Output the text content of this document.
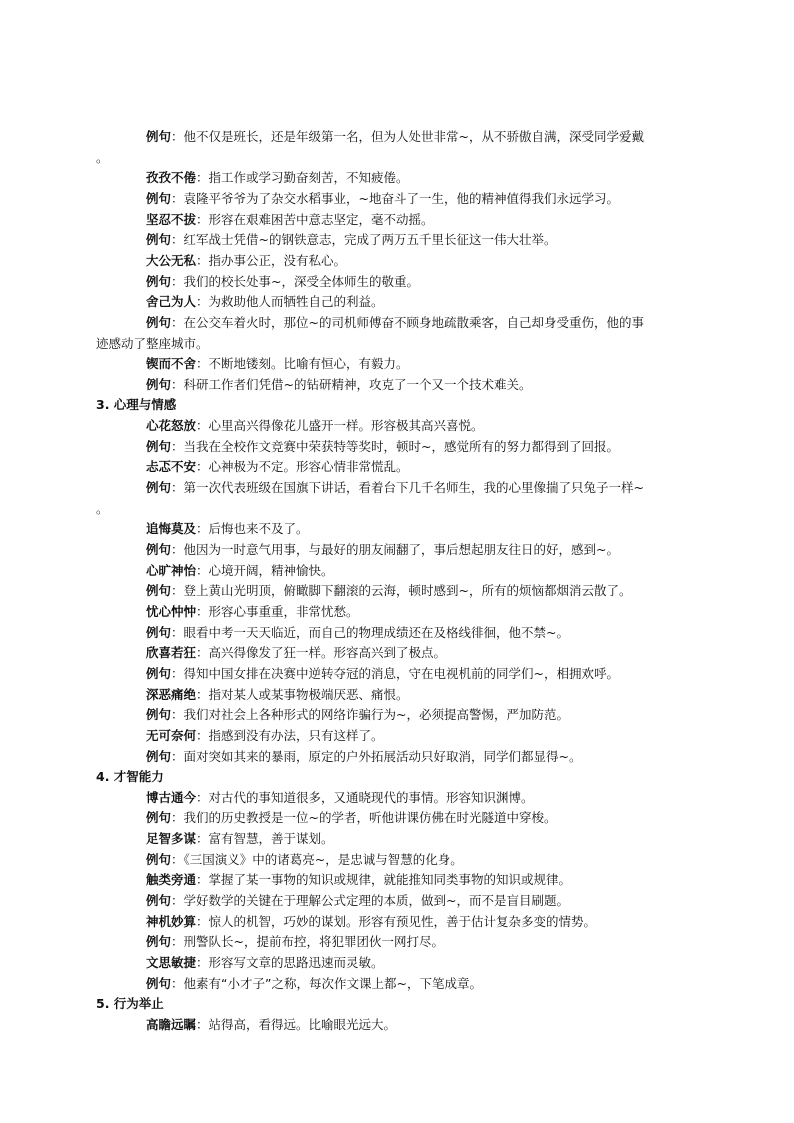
例句：他不仅是班长，还是年级第一名，但为人处世非常~，从不骄傲自满，深受同学爱戴
。
孜孜不倦：指工作或学习勤奋刻苦，不知疲倦。
例句：袁隆平爷爷为了杂交水稻事业，~地奋斗了一生，他的精神值得我们永远学习。
坚忍不拔：形容在艰难困苦中意志坚定，毫不动摇。
例句：红军战士凭借~的钢铁意志，完成了两万五千里长征这一伟大壮举。
大公无私：指办事公正，没有私心。
例句：我们的校长处事~，深受全体师生的敬重。
舍己为人：为救助他人而牺牲自己的利益。
例句：在公交车着火时，那位~的司机师傅奋不顾身地疏散乘客，自己却身受重伤，他的事
迹感动了整座城市。
锲而不舍：不断地镂刻。比喻有恒心，有毅力。
例句：科研工作者们凭借~的钻研精神，攻克了一个又一个技术难关。
3. 心理与情感
心花怒放：心里高兴得像花儿盛开一样。形容极其高兴喜悦。
例句：当我在全校作文竞赛中荣获特等奖时，顿时~，感觉所有的努力都得到了回报。
忐忑不安：心神极为不定。形容心情非常慌乱。
例句：第一次代表班级在国旗下讲话，看着台下几千名师生，我的心里像揣了只兔子一样~
。
追悔莫及：后悔也来不及了。
例句：他因为一时意气用事，与最好的朋友闹翻了，事后想起朋友往日的好，感到~。
心旷神怡：心境开阔，精神愉快。
例句：登上黄山光明顶，俯瞰脚下翻滚的云海，顿时感到~，所有的烦恼都烟消云散了。
忧心忡忡：形容心事重重，非常忧愁。
例句：眼看中考一天天临近，而自己的物理成绩还在及格线徘徊，他不禁~。
欣喜若狂：高兴得像发了狂一样。形容高兴到了极点。
例句：得知中国女排在决赛中逆转夺冠的消息，守在电视机前的同学们~，相拥欢呼。
深恶痛绝：指对某人或某事物极端厌恶、痛恨。
例句：我们对社会上各种形式的网络诈骗行为~，必须提高警惕，严加防范。
无可奈何：指感到没有办法，只有这样了。
例句：面对突如其来的暴雨，原定的户外拓展活动只好取消，同学们都显得~。
4. 才智能力
博古通今：对古代的事知道很多，又通晓现代的事情。形容知识渊博。
例句：我们的历史教授是一位~的学者，听他讲课仿佛在时光隧道中穿梭。
足智多谋：富有智慧，善于谋划。
例句：《三国演义》中的诸葛亮~，是忠诚与智慧的化身。
触类旁通：掌握了某一事物的知识或规律，就能推知同类事物的知识或规律。
例句：学好数学的关键在于理解公式定理的本质，做到~，而不是盲目刷题。
神机妙算：惊人的机智，巧妙的谋划。形容有预见性，善于估计复杂多变的情势。
例句：刑警队长~，提前布控，将犯罪团伙一网打尽。
文思敏捷：形容写文章的思路迅速而灵敏。
例句：他素有“小才子”之称，每次作文课上都~，下笔成章。
5. 行为举止
高瞻远瞩：站得高，看得远。比喻眼光远大。
